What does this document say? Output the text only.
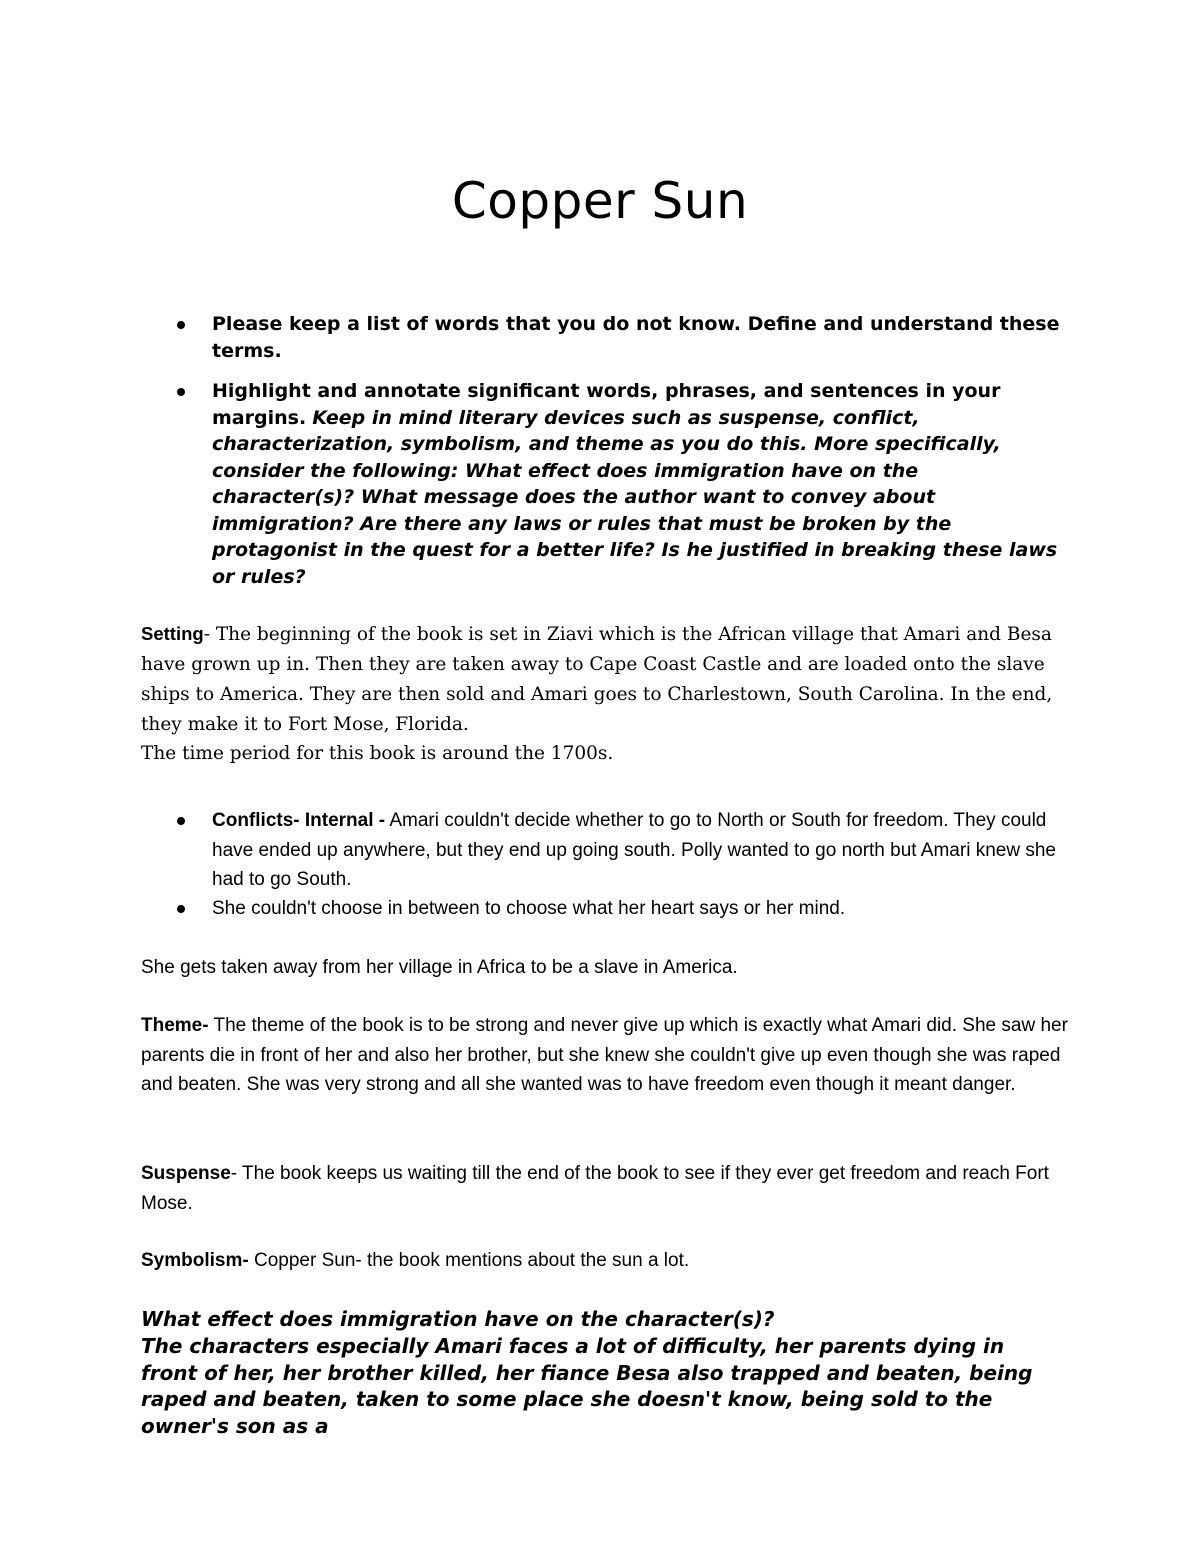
Copper Sun
Please keep a list of words that you do not know. Define and understand these terms.
Highlight and annotate significant words, phrases, and sentences in your margins. Keep in mind literary devices such as suspense, conflict, characterization, symbolism, and theme as you do this. More specifically, consider the following: What effect does immigration have on the character(s)? What message does the author want to convey about immigration? Are there any laws or rules that must be broken by the protagonist in the quest for a better life? Is he justified in breaking these laws or rules?
Setting- The beginning of the book is set in Ziavi which is the African village that Amari and Besa have grown up in. Then they are taken away to Cape Coast Castle and are loaded onto the slave ships to America. They are then sold and Amari goes to Charlestown, South Carolina. In the end, they make it to Fort Mose, Florida.
The time period for this book is around the 1700s.
Conflicts- Internal - Amari couldn't decide whether to go to North or South for freedom. They could have ended up anywhere, but they end up going south. Polly wanted to go north but Amari knew she had to go South.
She couldn't choose in between to choose what her heart says or her mind.
She gets taken away from her village in Africa to be a slave in America.
Theme- The theme of the book is to be strong and never give up which is exactly what Amari did. She saw her parents die in front of her and also her brother, but she knew she couldn't give up even though she was raped and beaten. She was very strong and all she wanted was to have freedom even though it meant danger.
Suspense- The book keeps us waiting till the end of the book to see if they ever get freedom and reach Fort Mose.
Symbolism- Copper Sun- the book mentions about the sun a lot.
What effect does immigration have on the character(s)?
The characters especially Amari faces a lot of difficulty, her parents dying in front of her, her brother killed, her fiance Besa also trapped and beaten, being raped and beaten, taken to some place she doesn't know, being sold to the owner's son as a
